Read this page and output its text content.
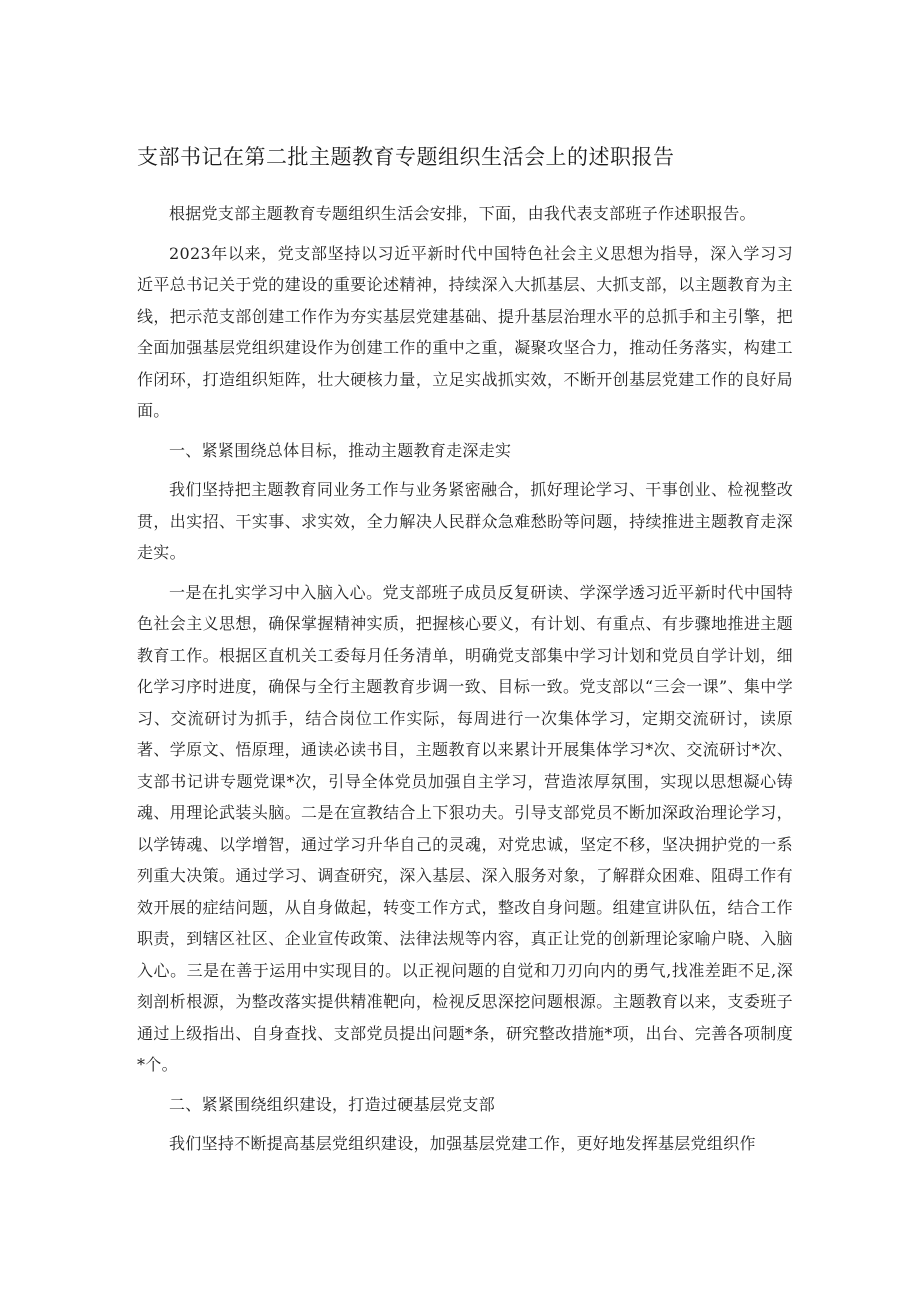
支部书记在第二批主题教育专题组织生活会上的述职报告

根据党支部主题教育专题组织生活会安排，下面，由我代表支部班子作述职报告。

2023年以来，党支部坚持以习近平新时代中国特色社会主义思想为指导，深入学习习近平总书记关于党的建设的重要论述精神，持续深入大抓基层、大抓支部，以主题教育为主线，把示范支部创建工作作为夯实基层党建基础、提升基层治理水平的总抓手和主引擎，把全面加强基层党组织建设作为创建工作的重中之重，凝聚攻坚合力，推动任务落实，构建工作闭环，打造组织矩阵，壮大硬核力量，立足实战抓实效，不断开创基层党建工作的良好局面。

一、紧紧围绕总体目标，推动主题教育走深走实

我们坚持把主题教育同业务工作与业务紧密融合，抓好理论学习、干事创业、检视整改贯，出实招、干实事、求实效，全力解决人民群众急难愁盼等问题，持续推进主题教育走深走实。

一是在扎实学习中入脑入心。党支部班子成员反复研读、学深学透习近平新时代中国特色社会主义思想，确保掌握精神实质，把握核心要义，有计划、有重点、有步骤地推进主题教育工作。根据区直机关工委每月任务清单，明确党支部集中学习计划和党员自学计划，细化学习序时进度，确保与全行主题教育步调一致、目标一致。党支部以“三会一课”、集中学习、交流研讨为抓手，结合岗位工作实际，每周进行一次集体学习，定期交流研讨，读原著、学原文、悟原理，通读必读书目，主题教育以来累计开展集体学习*次、交流研讨*次、支部书记讲专题党课*次，引导全体党员加强自主学习，营造浓厚氛围，实现以思想凝心铸魂、用理论武装头脑。二是在宣教结合上下狠功夫。引导支部党员不断加深政治理论学习，以学铸魂、以学增智，通过学习升华自己的灵魂，对党忠诚，坚定不移，坚决拥护党的一系列重大决策。通过学习、调查研究，深入基层、深入服务对象，了解群众困难、阻碍工作有效开展的症结问题，从自身做起，转变工作方式，整改自身问题。组建宣讲队伍，结合工作职责，到辖区社区、企业宣传政策、法律法规等内容，真正让党的创新理论家喻户晓、入脑入心。三是在善于运用中实现目的。以正视问题的自觉和刀刃向内的勇气,找准差距不足,深刻剖析根源，为整改落实提供精准靶向，检视反思深挖问题根源。主题教育以来，支委班子通过上级指出、自身查找、支部党员提出问题*条，研究整改措施*项，出台、完善各项制度*个。

二、紧紧围绕组织建设，打造过硬基层党支部

我们坚持不断提高基层党组织建设，加强基层党建工作，更好地发挥基层党组织作
